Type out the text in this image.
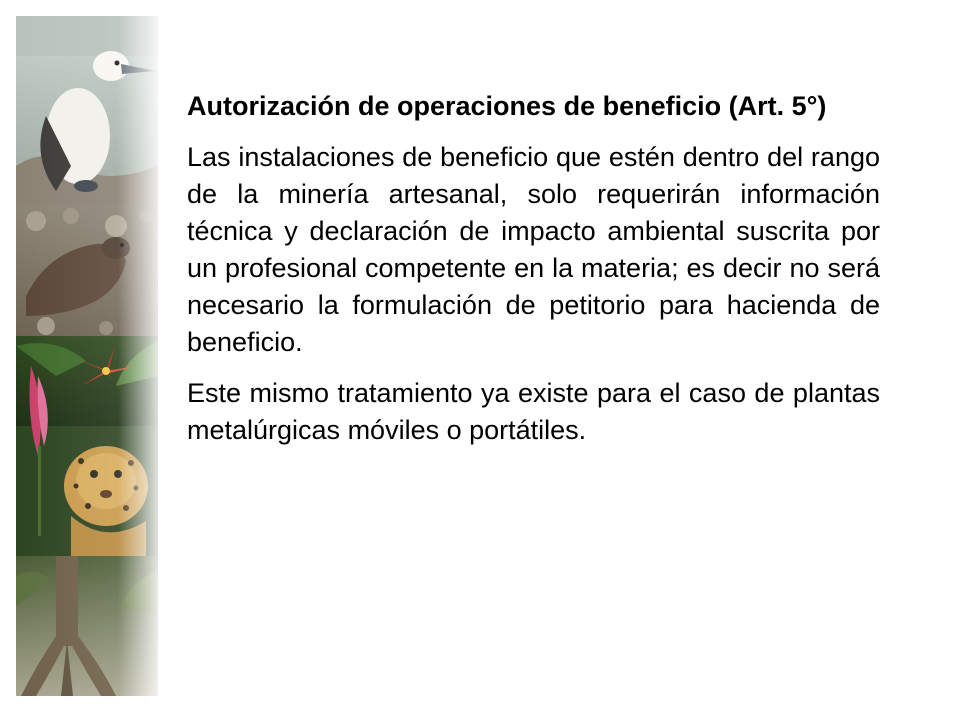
Autorización de operaciones de beneficio (Art. 5°)

Las instalaciones de beneficio que estén dentro del rango de la minería artesanal, solo requerirán información técnica y declaración de impacto ambiental suscrita por un profesional competente en la materia; es decir no será necesario la formulación de petitorio para hacienda de beneficio.

Este mismo tratamiento ya existe para el caso de plantas metalúrgicas móviles o portátiles.
